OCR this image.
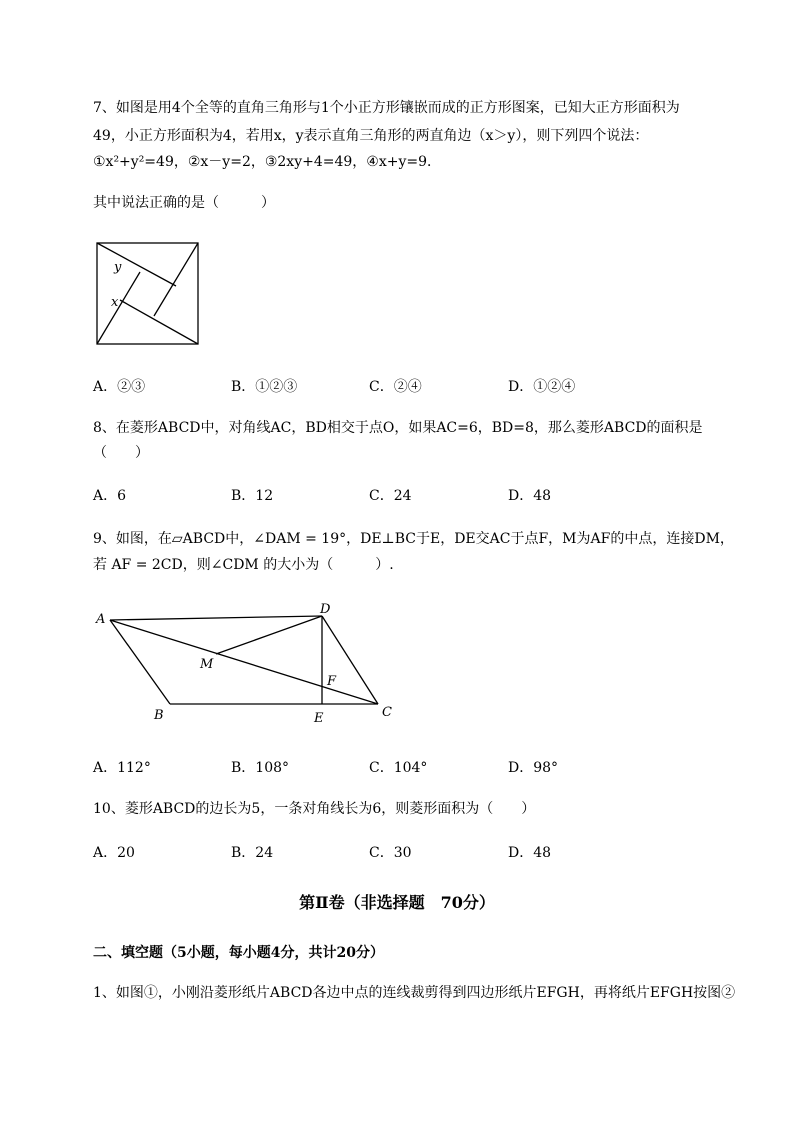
7、如图是用4个全等的直角三角形与1个小正方形镶嵌而成的正方形图案，已知大正方形面积为
49，小正方形面积为4，若用x，y表示直角三角形的两直角边（x＞y），则下列四个说法：
①x²+y²=49，②x－y=2，③2xy+4=49，④x+y=9．
其中说法正确的是（　　　）
y
x
A．②③	B．①②③	C．②④	D．①②④
8、在菱形ABCD中，对角线AC，BD相交于点O，如果AC=6，BD=8，那么菱形ABCD的面积是
（　　）
A．6	B．12	C．24	D．48
9、如图，在▱ABCD中，∠DAM = 19°，DE⊥BC于E，DE交AC于点F，M为AF的中点，连接DM，
若 AF = 2CD，则∠CDM 的大小为（　　　）.
A
D
M
F
B	E	C
A．112°	B．108°	C．104°	D．98°
10、菱形ABCD的边长为5，一条对角线长为6，则菱形面积为（　　）
A．20	B．24	C．30	D．48
第Ⅱ卷（非选择题　70分）
二、填空题（5小题，每小题4分，共计20分）
1、如图①，小刚沿菱形纸片ABCD各边中点的连线裁剪得到四边形纸片EFGH，再将纸片EFGH按图②
